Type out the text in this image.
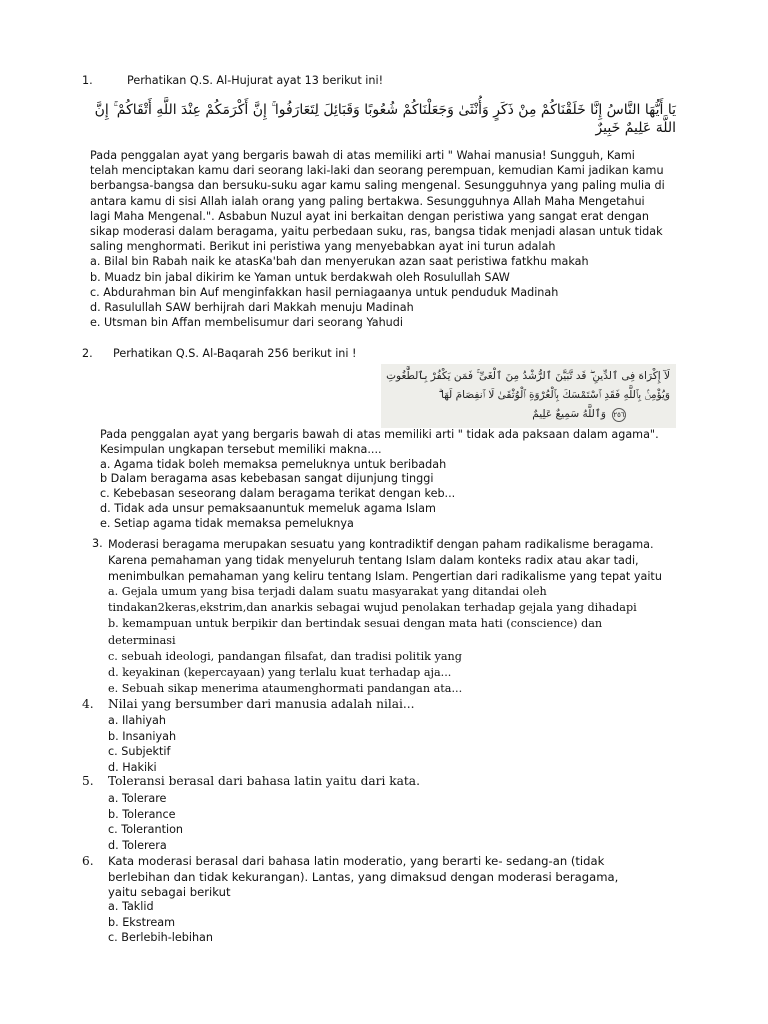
1.	Perhatikan Q.S. Al-Hujurat ayat 13 berikut ini!
يَا أَيُّهَا النَّاسُ إِنَّا خَلَقْنَاكُمْ مِنْ ذَكَرٍ وَأُنْثَىٰ وَجَعَلْنَاكُمْ شُعُوبًا وَقَبَائِلَ لِتَعَارَفُوا ۚ إِنَّ أَكْرَمَكُمْ عِنْدَ اللَّهِ أَتْقَاكُمْ ۚ إِنَّ
اللَّهَ عَلِيمٌ خَبِيرٌ
Pada penggalan ayat yang bergaris bawah di atas memiliki arti " Wahai manusia! Sungguh, Kami
telah menciptakan kamu dari seorang laki-laki dan seorang perempuan, kemudian Kami jadikan kamu
berbangsa-bangsa dan bersuku-suku agar kamu saling mengenal. Sesungguhnya yang paling mulia di
antara kamu di sisi Allah ialah orang yang paling bertakwa. Sesungguhnya Allah Maha Mengetahui
lagi Maha Mengenal.". Asbabun Nuzul ayat ini berkaitan dengan peristiwa yang sangat erat dengan
sikap moderasi dalam beragama, yaitu perbedaan suku, ras, bangsa tidak menjadi alasan untuk tidak
saling menghormati. Berikut ini peristiwa yang menyebabkan ayat ini turun adalah
a. Bilal bin Rabah naik ke atasKa'bah dan menyerukan azan saat peristiwa fatkhu makah
b. Muadz bin jabal dikirim ke Yaman untuk berdakwah oleh Rosulullah SAW
c. Abdurahman bin Auf menginfakkan hasil perniagaanya untuk penduduk Madinah
d. Rasulullah SAW berhijrah dari Makkah menuju Madinah
e. Utsman bin Affan membelisumur dari seorang Yahudi
2. Perhatikan Q.S. Al-Baqarah 256 berikut ini !
لَآ إِكْرَاهَ فِى ٱلدِّينِ ۖ قَد تَّبَيَّنَ ٱلرُّشْدُ مِنَ ٱلْغَىِّ ۚ فَمَن يَكْفُرْ بِٱلطَّٰغُوتِ
وَيُؤْمِنۢ بِٱللَّهِ فَقَدِ ٱسْتَمْسَكَ بِٱلْعُرْوَةِ ٱلْوُثْقَىٰ لَا ٱنفِصَامَ لَهَا ۗ
وَٱللَّهُ سَمِيعٌ عَلِيمٌ ٢٥٦
Pada penggalan ayat yang bergaris bawah di atas memiliki arti " tidak ada paksaan dalam agama".
Kesimpulan ungkapan tersebut memiliki makna....
a. Agama tidak boleh memaksa pemeluknya untuk beribadah
b Dalam beragama asas kebebasan sangat dijunjung tinggi
c. Kebebasan seseorang dalam beragama terikat dengan keb...
d. Tidak ada unsur pemaksaanuntuk memeluk agama Islam
e. Setiap agama tidak memaksa pemeluknya
3. Moderasi beragama merupakan sesuatu yang kontradiktif dengan paham radikalisme beragama.
Karena pemahaman yang tidak menyeluruh tentang Islam dalam konteks radix atau akar tadi,
menimbulkan pemahaman yang keliru tentang Islam. Pengertian dari radikalisme yang tepat yaitu
a. Gejala umum yang bisa terjadi dalam suatu masyarakat yang ditandai oleh
tindakan2keras,ekstrim,dan anarkis sebagai wujud penolakan terhadap gejala yang dihadapi
b. kemampuan untuk berpikir dan bertindak sesuai dengan mata hati (conscience) dan
determinasi
c. sebuah ideologi, pandangan filsafat, dan tradisi politik yang
d. keyakinan (kepercayaan) yang terlalu kuat terhadap aja...
e. Sebuah sikap menerima ataumenghormati pandangan ata...
4. Nilai yang bersumber dari manusia adalah nilai...
a. Ilahiyah
b. Insaniyah
c. Subjektif
d. Hakiki
5. Toleransi berasal dari bahasa latin yaitu dari kata.
a. Tolerare
b. Tolerance
c. Tolerantion
d. Tolerera
6. Kata moderasi berasal dari bahasa latin moderatio, yang berarti ke- sedang-an (tidak
berlebihan dan tidak kekurangan). Lantas, yang dimaksud dengan moderasi beragama,
yaitu sebagai berikut
a. Taklid
b. Ekstream
c. Berlebih-lebihan
